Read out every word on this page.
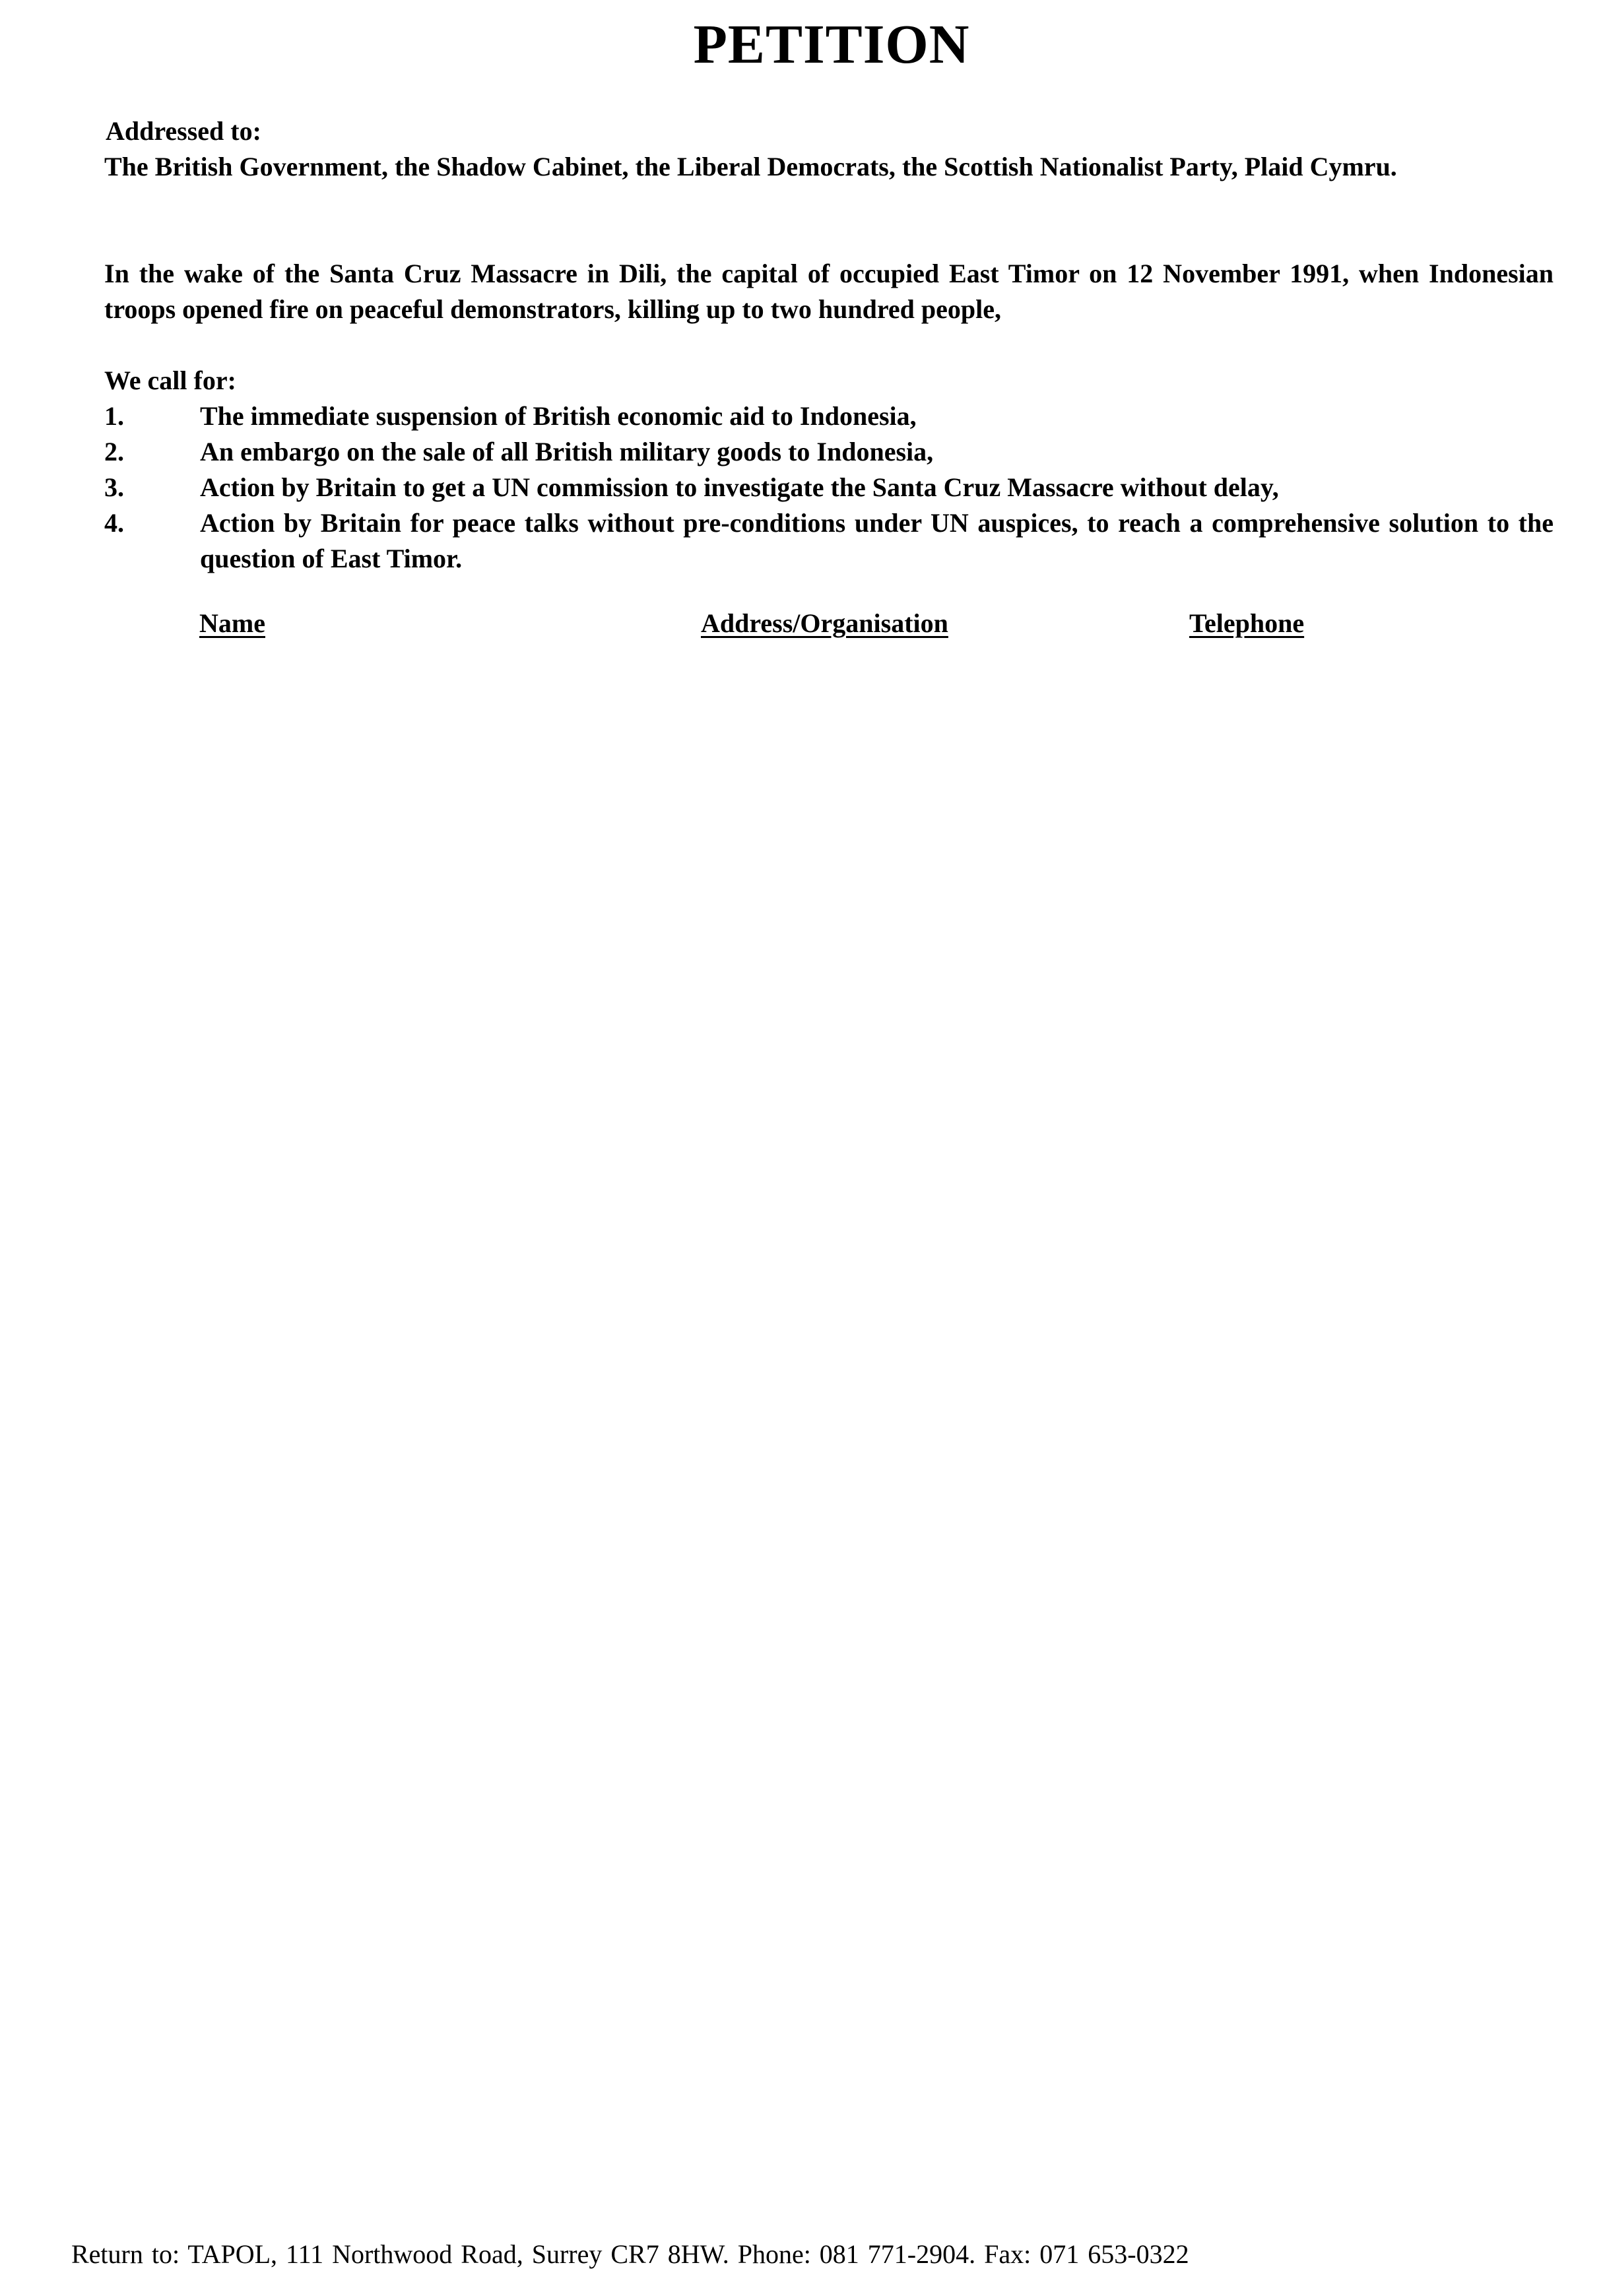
PETITION
Addressed to:
The British Government, the Shadow Cabinet, the Liberal Democrats, the Scottish Nationalist Party, Plaid Cymru.
In the wake of the Santa Cruz Massacre in Dili, the capital of occupied East Timor on 12 November 1991, when Indonesian troops opened fire on peaceful demonstrators, killing up to two hundred people,
We call for:
1.	The immediate suspension of British economic aid to Indonesia,
2.	An embargo on the sale of all British military goods to Indonesia,
3.	Action by Britain to get a UN commission to investigate the Santa Cruz Massacre without delay,
4.	Action by Britain for peace talks without pre-conditions under UN auspices, to reach a comprehensive solution to the question of East Timor.
Name	Address/Organisation	Telephone
Return to: TAPOL, 111 Northwood Road, Surrey CR7 8HW. Phone: 081 771-2904. Fax: 071 653-0322
